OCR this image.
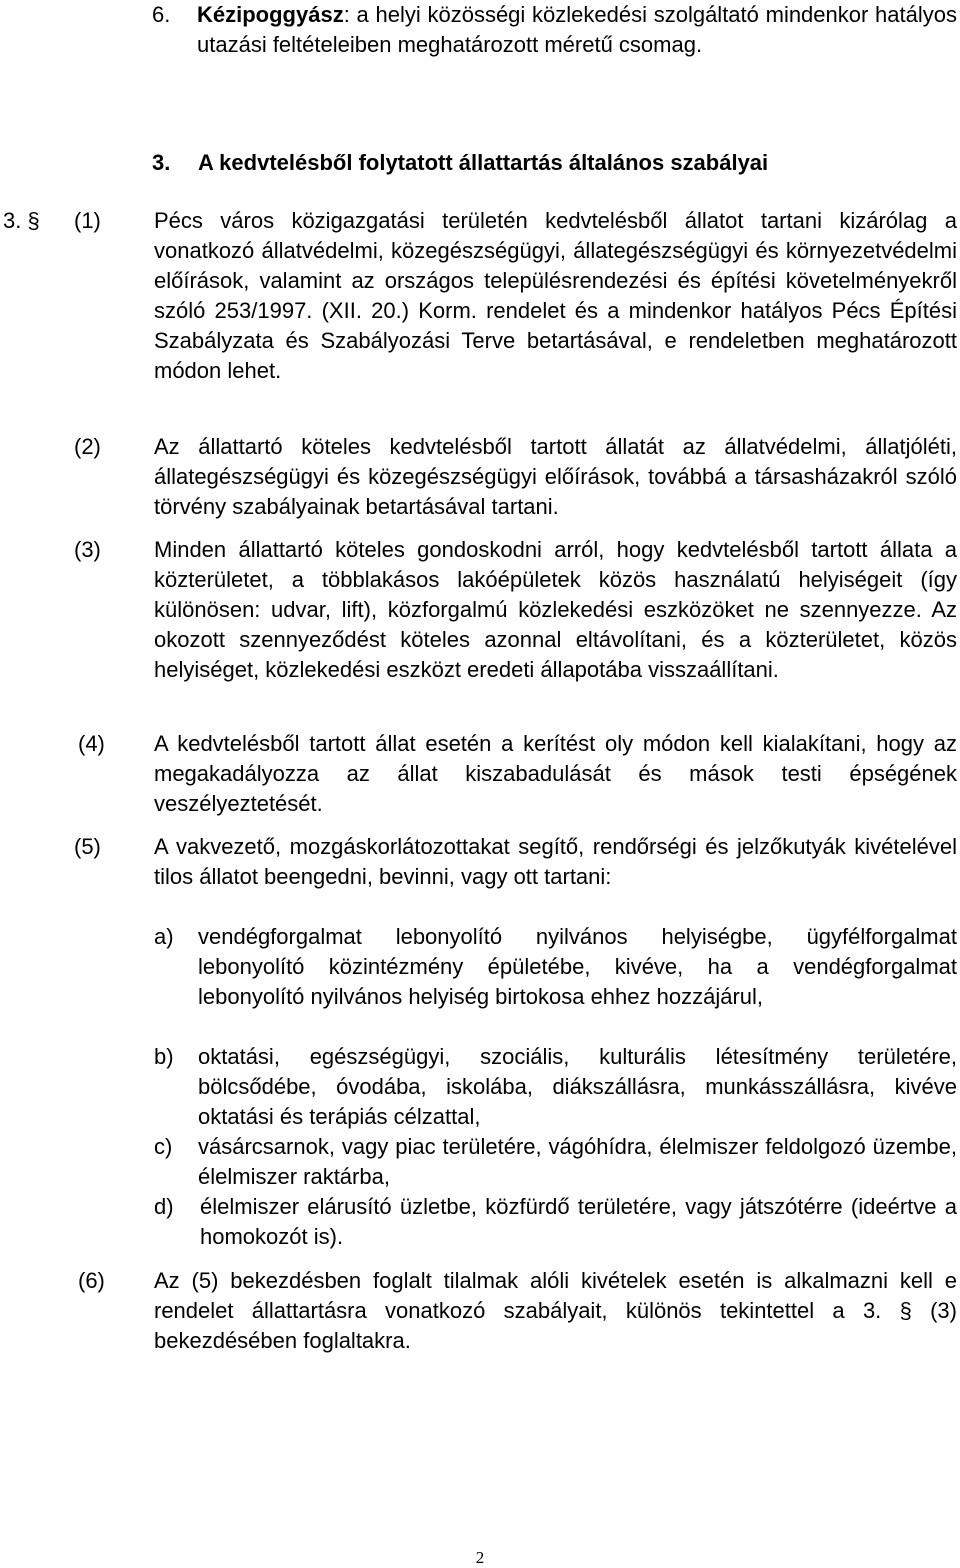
6. Kézipoggyász: a helyi közösségi közlekedési szolgáltató mindenkor hatályos utazási feltételeiben meghatározott méretű csomag.
3. A kedvtelésből folytatott állattartás általános szabályai
3. § (1) Pécs város közigazgatási területén kedvtelésből állatot tartani kizárólag a vonatkozó állatvédelmi, közegészségügyi, állategészségügyi és környezetvédelmi előírások, valamint az országos településrendezési és építési követelményekről szóló 253/1997. (XII. 20.) Korm. rendelet és a mindenkor hatályos Pécs Építési Szabályzata és Szabályozási Terve betartásával, e rendeletben meghatározott módon lehet.
(2) Az állattartó köteles kedvtelésből tartott állatát az állatvédelmi, állatjóléti, állategészségügyi és közegészségügyi előírások, továbbá a társasházakról szóló törvény szabályainak betartásával tartani.
(3) Minden állattartó köteles gondoskodni arról, hogy kedvtelésből tartott állata a közterületet, a többlakásos lakóépületek közös használatú helyiségeit (így különösen: udvar, lift), közforgalmú közlekedési eszközöket ne szennyezze. Az okozott szennyeződést köteles azonnal eltávolítani, és a közterületet, közös helyiséget, közlekedési eszközt eredeti állapotába visszaállítani.
(4) A kedvtelésből tartott állat esetén a kerítést oly módon kell kialakítani, hogy az megakadályozza az állat kiszabadulását és mások testi épségének veszélyeztetését.
(5) A vakvezető, mozgáskorlátozottakat segítő, rendőrségi és jelzőkutyák kivételével tilos állatot beengedni, bevinni, vagy ott tartani:
a) vendégforgalmat lebonyolító nyilvános helyiségbe, ügyfélforgalmat lebonyolító közintézmény épületébe, kivéve, ha a vendégforgalmat lebonyolító nyilvános helyiség birtokosa ehhez hozzájárul,
b) oktatási, egészségügyi, szociális, kulturális létesítmény területére, bölcsődébe, óvodába, iskolába, diákszállásra, munkásszállásra, kivéve oktatási és terápiás célzattal,
c) vásárcsarnok, vagy piac területére, vágóhídra, élelmiszer feldolgozó üzembe, élelmiszer raktárba,
d) élelmiszer elárusító üzletbe, közfürdő területére, vagy játszótérre (ideértve a homokozót is).
(6) Az (5) bekezdésben foglalt tilalmak alóli kivételek esetén is alkalmazni kell e rendelet állattartásra vonatkozó szabályait, különös tekintettel a 3. § (3) bekezdésében foglaltakra.
2
